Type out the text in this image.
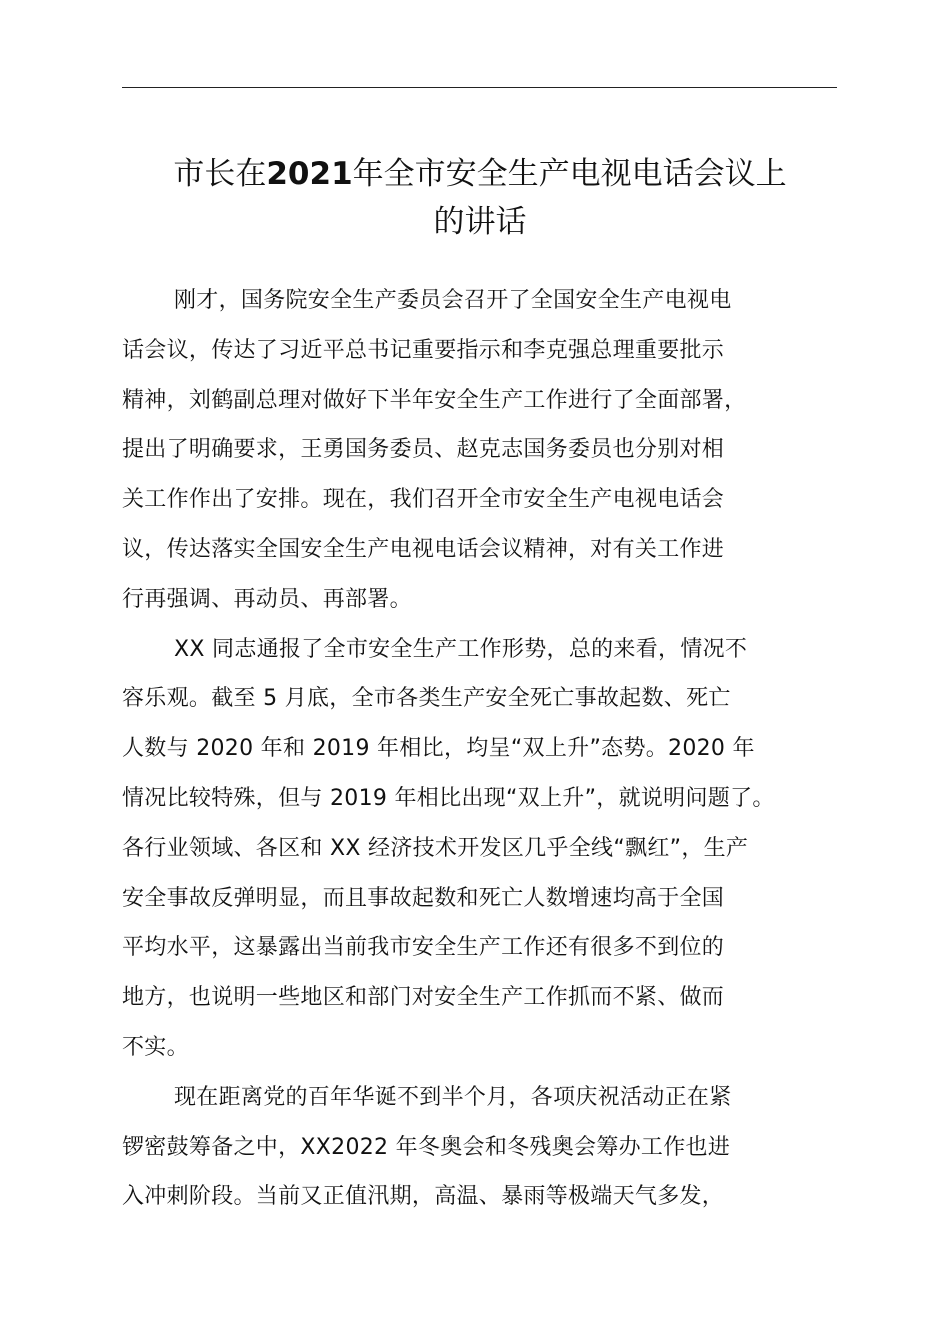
市长在2021年全市安全生产电视电话会议上
的讲话
刚才，国务院安全生产委员会召开了全国安全生产电视电
话会议，传达了习近平总书记重要指示和李克强总理重要批示
精神，刘鹤副总理对做好下半年安全生产工作进行了全面部署，
提出了明确要求，王勇国务委员、赵克志国务委员也分别对相
关工作作出了安排。现在，我们召开全市安全生产电视电话会
议，传达落实全国安全生产电视电话会议精神，对有关工作进
行再强调、再动员、再部署。
XX 同志通报了全市安全生产工作形势，总的来看，情况不
容乐观。截至 5 月底，全市各类生产安全死亡事故起数、死亡
人数与 2020 年和 2019 年相比，均呈“双上升”态势。2020 年
情况比较特殊，但与 2019 年相比出现“双上升”，就说明问题了。
各行业领域、各区和 XX 经济技术开发区几乎全线“飘红”，生产
安全事故反弹明显，而且事故起数和死亡人数增速均高于全国
平均水平，这暴露出当前我市安全生产工作还有很多不到位的
地方，也说明一些地区和部门对安全生产工作抓而不紧、做而
不实。
现在距离党的百年华诞不到半个月，各项庆祝活动正在紧
锣密鼓筹备之中，XX2022 年冬奥会和冬残奥会筹办工作也进
入冲刺阶段。当前又正值汛期，高温、暴雨等极端天气多发，
